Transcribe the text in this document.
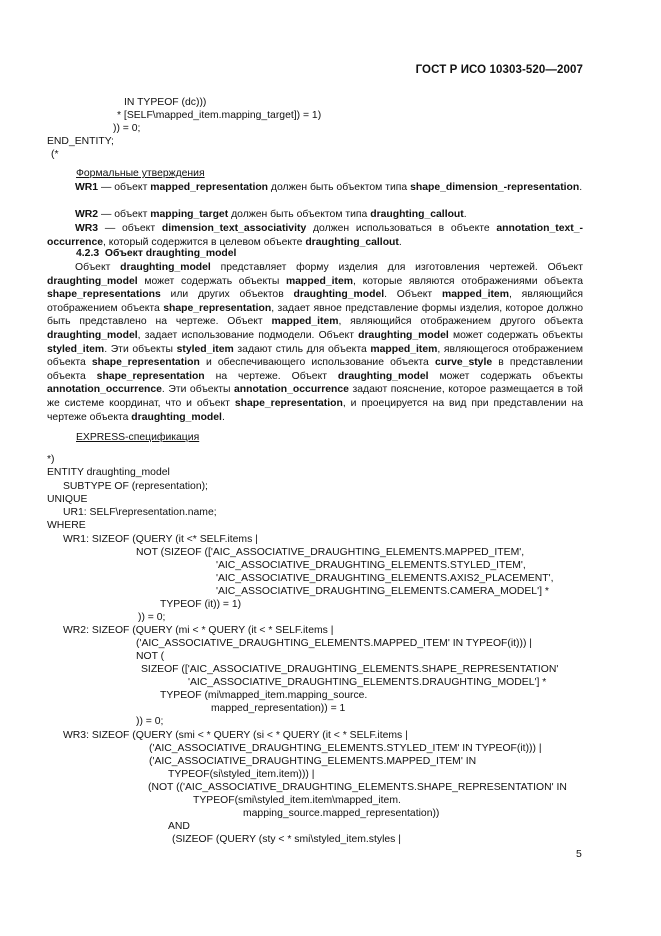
ГОСТ Р ИСО 10303-520—2007
IN TYPEOF (dc)))
* [SELF\mapped_item.mapping_target]) = 1)
)) = 0;
END_ENTITY;
(*
Формальные утверждения
WR1 — объект mapped_representation должен быть объектом типа shape_dimension_-representation.
WR2 — объект mapping_target должен быть объектом типа draughting_callout.
WR3 — объект dimension_text_associativity должен использоваться в объекте annotation_text_-occurrence, который содержится в целевом объекте draughting_callout.
4.2.3 Объект draughting_model
Объект draughting_model представляет форму изделия для изготовления чертежей. Объект draughting_model может содержать объекты mapped_item, которые являются отображениями объекта shape_representations или других объектов draughting_model. Объект mapped_item, являющийся отображением объекта shape_representation, задает явное представление формы изделия, которое должно быть представлено на чертеже. Объект mapped_item, являющийся отображением другого объекта draughting_model, задает использование подмодели. Объект draughting_model может содержать объекты styled_item. Эти объекты styled_item задают стиль для объекта mapped_item, являющегося отображением объекта shape_representation и обеспечивающего использование объекта curve_style в представлении объекта shape_representation на чертеже. Объект draughting_model может содержать объекты annotation_occurrence. Эти объекты annotation_occurrence задают пояснение, которое размещается в той же системе координат, что и объект shape_representation, и проецируется на вид при представлении на чертеже объекта draughting_model.
EXPRESS-спецификация
*)
ENTITY draughting_model
SUBTYPE OF (representation);
UNIQUE
UR1: SELF\representation.name;
WHERE
WR1: SIZEOF (QUERY (it <* SELF.items |
NOT (SIZEOF (['AIC_ASSOCIATIVE_DRAUGHTING_ELEMENTS.MAPPED_ITEM',
'AIC_ASSOCIATIVE_DRAUGHTING_ELEMENTS.STYLED_ITEM',
'AIC_ASSOCIATIVE_DRAUGHTING_ELEMENTS.AXIS2_PLACEMENT',
'AIC_ASSOCIATIVE_DRAUGHTING_ELEMENTS.CAMERA_MODEL'] *
TYPEOF (it)) = 1)
)) = 0;
WR2: SIZEOF (QUERY (mi < * QUERY (it < * SELF.items |
('AIC_ASSOCIATIVE_DRAUGHTING_ELEMENTS.MAPPED_ITEM' IN TYPEOF(it))) |
NOT (
SIZEOF (['AIC_ASSOCIATIVE_DRAUGHTING_ELEMENTS.SHAPE_REPRESENTATION'
'AIC_ASSOCIATIVE_DRAUGHTING_ELEMENTS.DRAUGHTING_MODEL'] *
TYPEOF (mi\mapped_item.mapping_source.
mapped_representation)) = 1
)) = 0;
WR3: SIZEOF (QUERY (smi < * QUERY (si < * QUERY (it < * SELF.items |
('AIC_ASSOCIATIVE_DRAUGHTING_ELEMENTS.STYLED_ITEM' IN TYPEOF(it))) |
('AIC_ASSOCIATIVE_DRAUGHTING_ELEMENTS.MAPPED_ITEM' IN
TYPEOF(si\styled_item.item))) |
(NOT (('AIC_ASSOCIATIVE_DRAUGHTING_ELEMENTS.SHAPE_REPRESENTATION' IN
TYPEOF(smi\styled_item.item\mapped_item.
mapping_source.mapped_representation))
AND
(SIZEOF (QUERY (sty < * smi\styled_item.styles |
5
